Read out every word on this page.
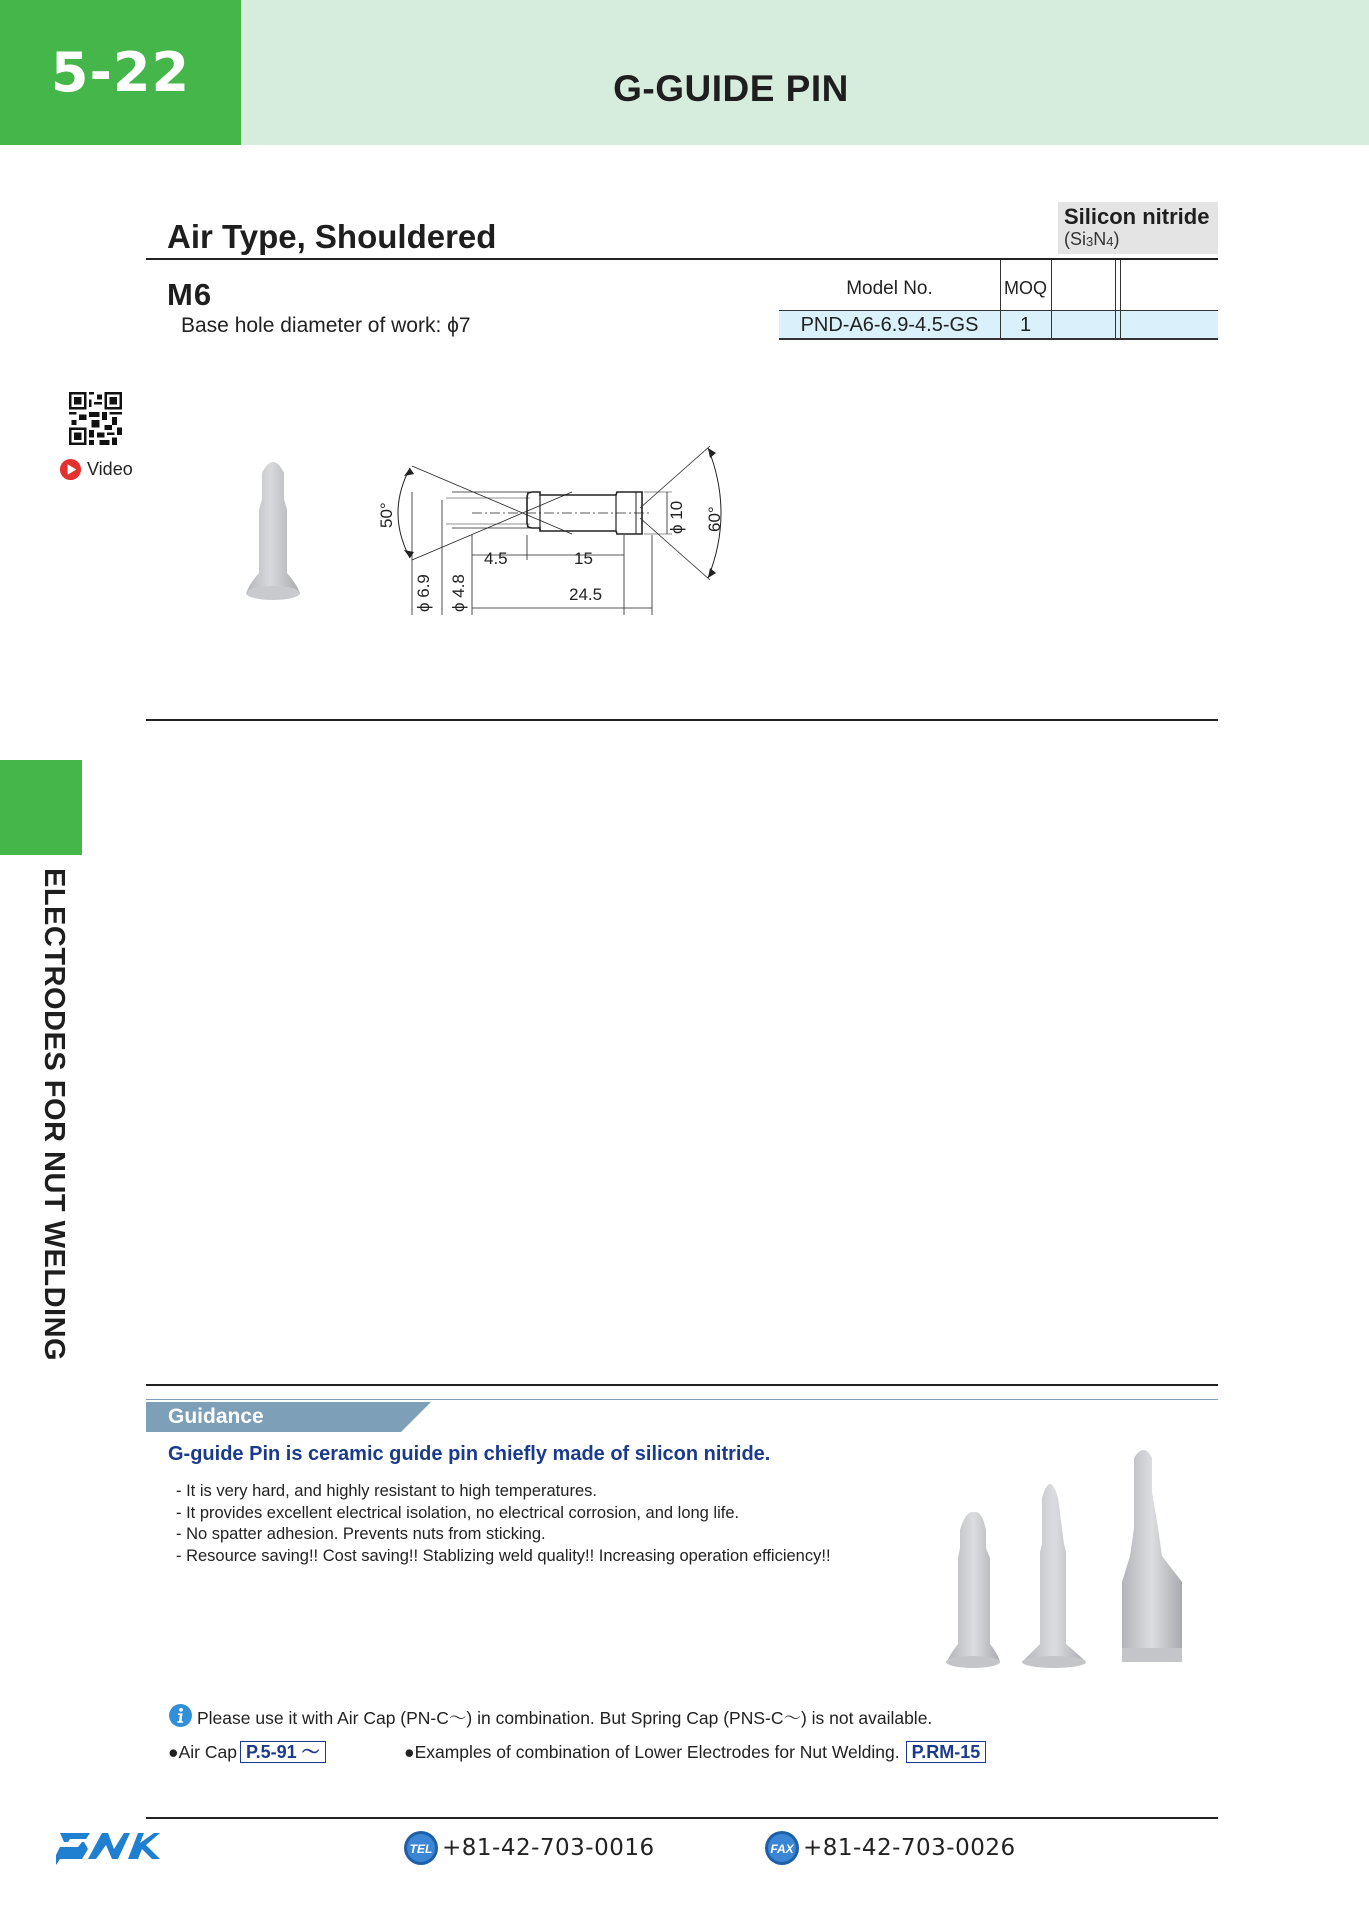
5-22	G-GUIDE PIN
ELECTRODES FOR NUT WELDING
Air Type, Shouldered
Silicon nitride
$(Si_3N_4)$
M6
Base hole diameter of work: ϕ7
Model No.	MOQ
PND-A6-6.9-4.5-GS	1
Video
50°	60°
ϕ 10
ϕ 6.9 ϕ 4.8
4.5	15
24.5
Guidance
G-guide Pin is ceramic guide pin chiefly made of silicon nitride.
- It is very hard, and highly resistant to high temperatures.
- It provides excellent electrical isolation, no electrical corrosion, and long life.
- No spatter adhesion. Prevents nuts from sticking.
- Resource saving!! Cost saving!! Stablizing weld quality!! Increasing operation efficiency!!
Please use it with Air Cap (PN-C～) in combination. But Spring Cap (PNS-C～) is not available.
●Air Cap P.5-91 ～	●Examples of combination of Lower Electrodes for Nut Welding. P.RM-15
TEL +81-42-703-0016	FAX +81-42-703-0026
